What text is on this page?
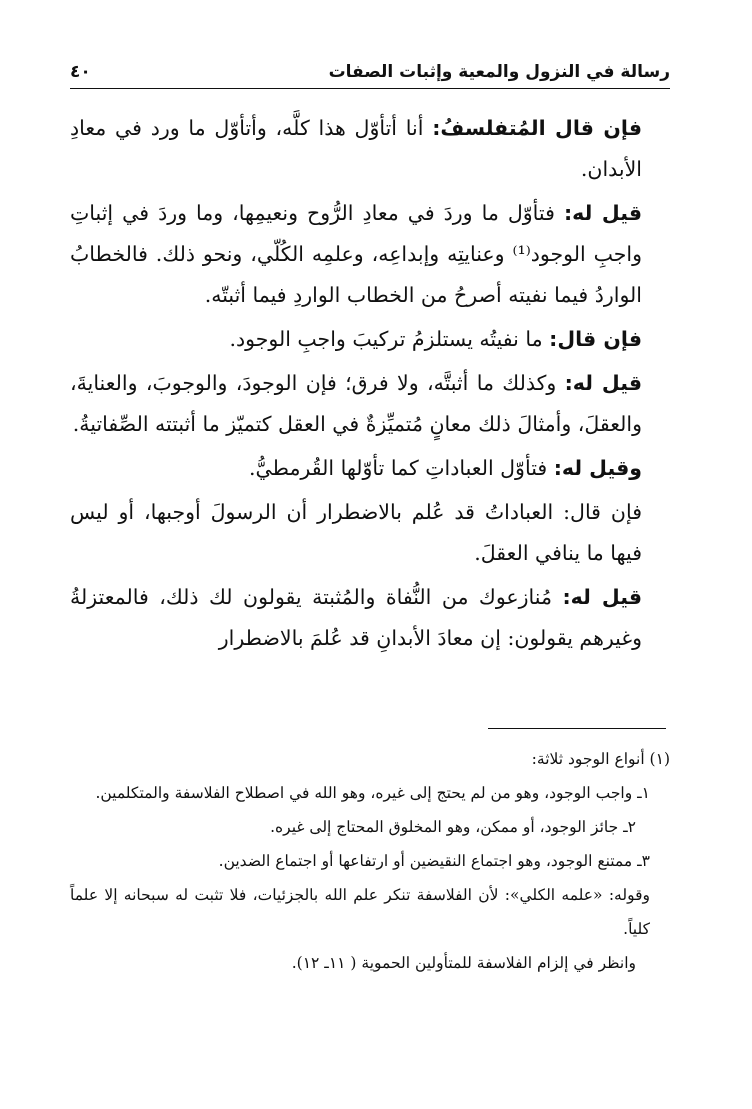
رسالة في النزول والمعية وإثبات الصفات
٤٠

فإن قال المُتفلسفُ: أنا أتأوّل هذا كلَّه، وأتأوّل ما ورد في معادِ الأبدان.

قيل له: فتأوّل ما وردَ في معادِ الرُّوح ونعيمِها، وما وردَ في إثباتِ واجبِ الوجود⁽¹⁾ وعنايتِه وإبداعِه، وعلمِه الكُلّي، ونحو ذلك. فالخطابُ الواردُ فيما نفيته أصرحُ من الخطاب الواردِ فيما أثبتّه.

فإن قال: ما نفيتُه يستلزمُ تركيبَ واجبِ الوجود.

قيل له: وكذلك ما أثبتَّه، ولا فرق؛ فإن الوجودَ، والوجوبَ، والعنايةَ، والعقلَ، وأمثالَ ذلك معانٍ مُتميِّزةٌ في العقل كتميّز ما أثبتته الصِّفاتيةُ.

وقيل له: فتأوّل العباداتِ كما تأوّلها القُرمطيُّ.

فإن قال: العباداتُ قد عُلم بالاضطرار أن الرسولَ أوجبها، أو ليس فيها ما ينافي العقلَ.

قيل له: مُنازعوك من النُّفاة والمُثبتة يقولون لك ذلك، فالمعتزلةُ وغيرهم يقولون: إن معادَ الأبدانِ قد عُلمَ بالاضطرار

(١) أنواع الوجود ثلاثة:

١ـ واجب الوجود، وهو من لم يحتج إلى غيره، وهو الله في اصطلاح الفلاسفة والمتكلمين.

٢ـ جائز الوجود، أو ممكن، وهو المخلوق المحتاج إلى غيره.

٣ـ ممتنع الوجود، وهو اجتماع النقيضين أو ارتفاعها أو اجتماع الضدين.

وقوله: «علمه الكلي»: لأن الفلاسفة تنكر علم الله بالجزئيات، فلا تثبت له سبحانه إلا علماً كلياً.

وانظر في إلزام الفلاسفة للمتأولين الحموية ( ١١ـ ١٢).
